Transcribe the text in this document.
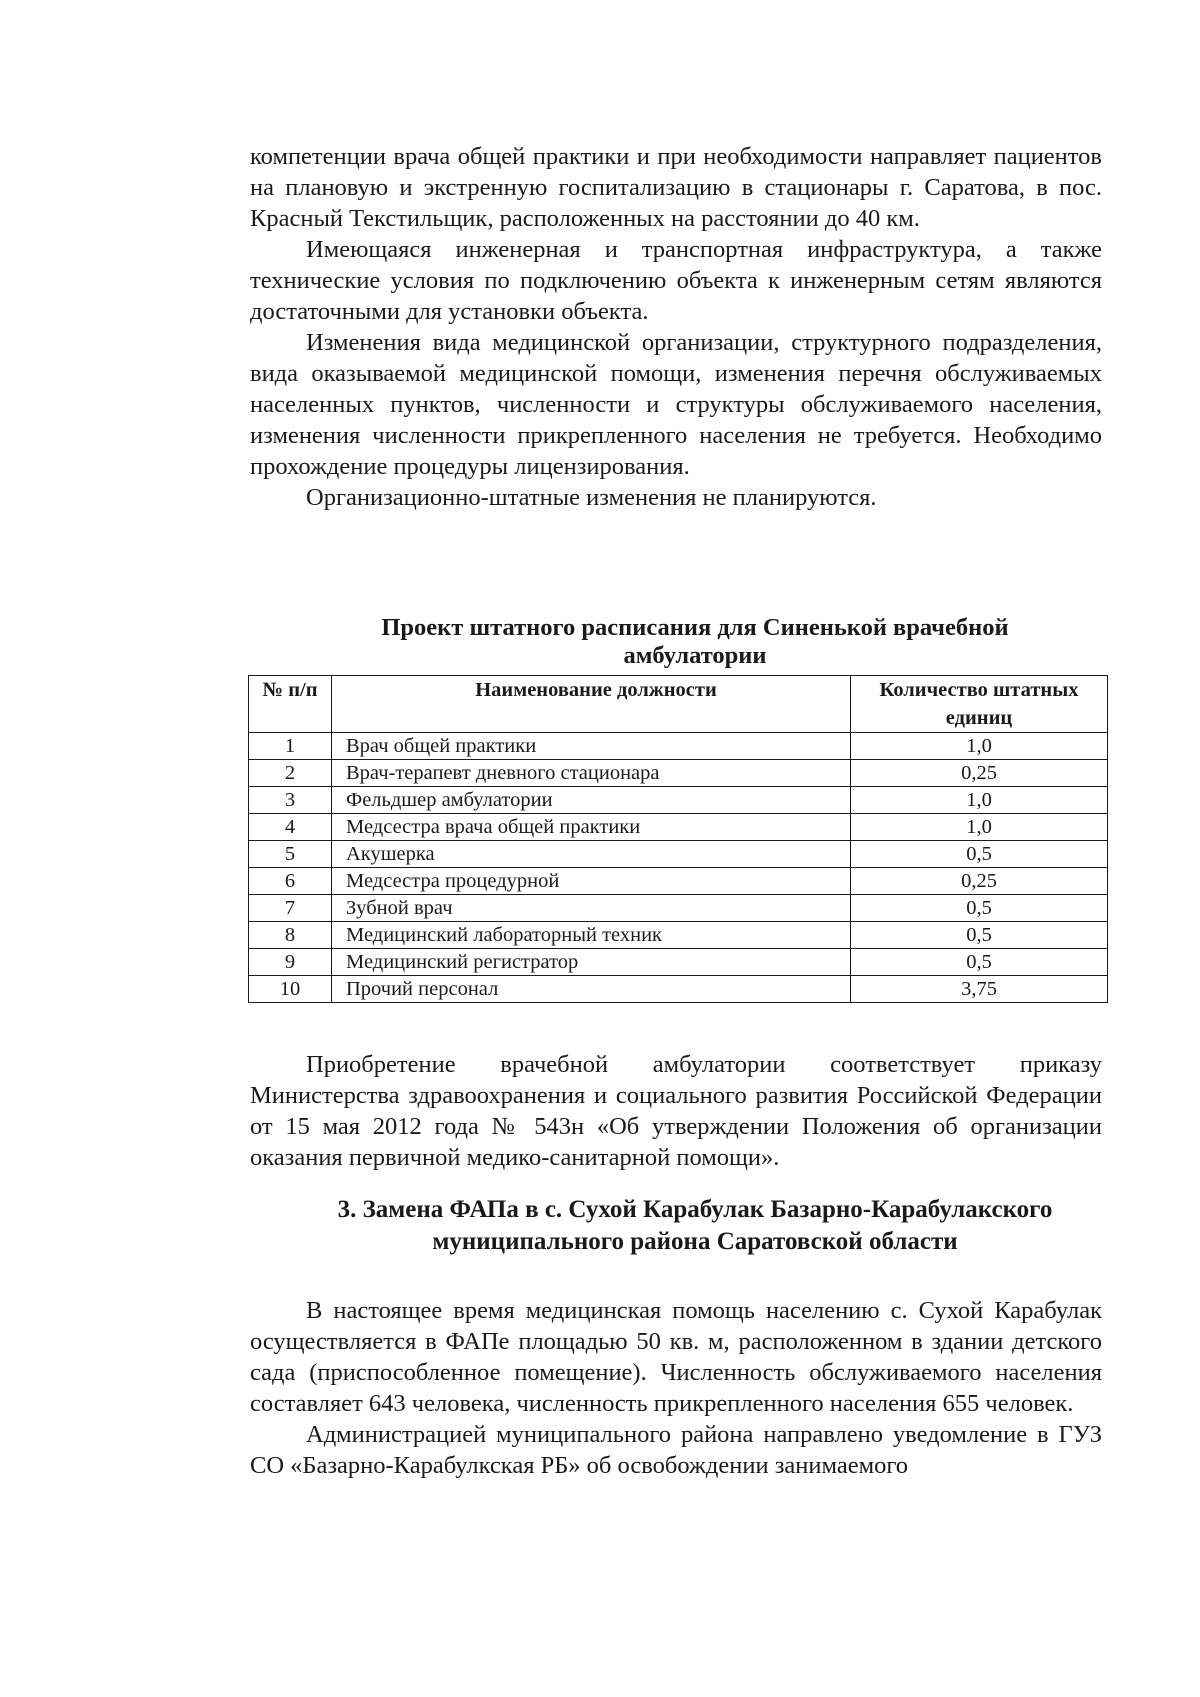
компетенции врача общей практики и при необходимости направляет пациентов на плановую и экстренную госпитализацию в стационары г. Саратова, в пос. Красный Текстильщик, расположенных на расстоянии до 40 км.

Имеющаяся инженерная и транспортная инфраструктура, а также технические условия по подключению объекта к инженерным сетям являются достаточными для установки объекта.

Изменения вида медицинской организации, структурного подразделения, вида оказываемой медицинской помощи, изменения перечня обслуживаемых населенных пунктов, численности и структуры обслуживаемого населения, изменения численности прикрепленного населения не требуется. Необходимо прохождение процедуры лицензирования.

Организационно-штатные изменения не планируются.

Проект штатного расписания для Синенькой врачебной амбулатории
№ п/п	Наименование должности	Количество штатных единиц
1	Врач общей практики	1,0
2	Врач-терапевт дневного стационара	0,25
3	Фельдшер амбулатории	1,0
4	Медсестра врача общей практики	1,0
5	Акушерка	0,5
6	Медсестра процедурной	0,25
7	Зубной врач	0,5
8	Медицинский лабораторный техник	0,5
9	Медицинский регистратор	0,5
10	Прочий персонал	3,75

Приобретение врачебной амбулатории соответствует приказу Министерства здравоохранения и социального развития Российской Федерации от 15 мая 2012 года № 543н «Об утверждении Положения об организации оказания первичной медико-санитарной помощи».

3. Замена ФАПа в с. Сухой Карабулак Базарно-Карабулакского муниципального района Саратовской области

В настоящее время медицинская помощь населению с. Сухой Карабулак осуществляется в ФАПе площадью 50 кв. м, расположенном в здании детского сада (приспособленное помещение). Численность обслуживаемого населения составляет 643 человека, численность прикрепленного населения 655 человек.

Администрацией муниципального района направлено уведомление в ГУЗ СО «Базарно-Карабулкская РБ» об освобождении занимаемого
